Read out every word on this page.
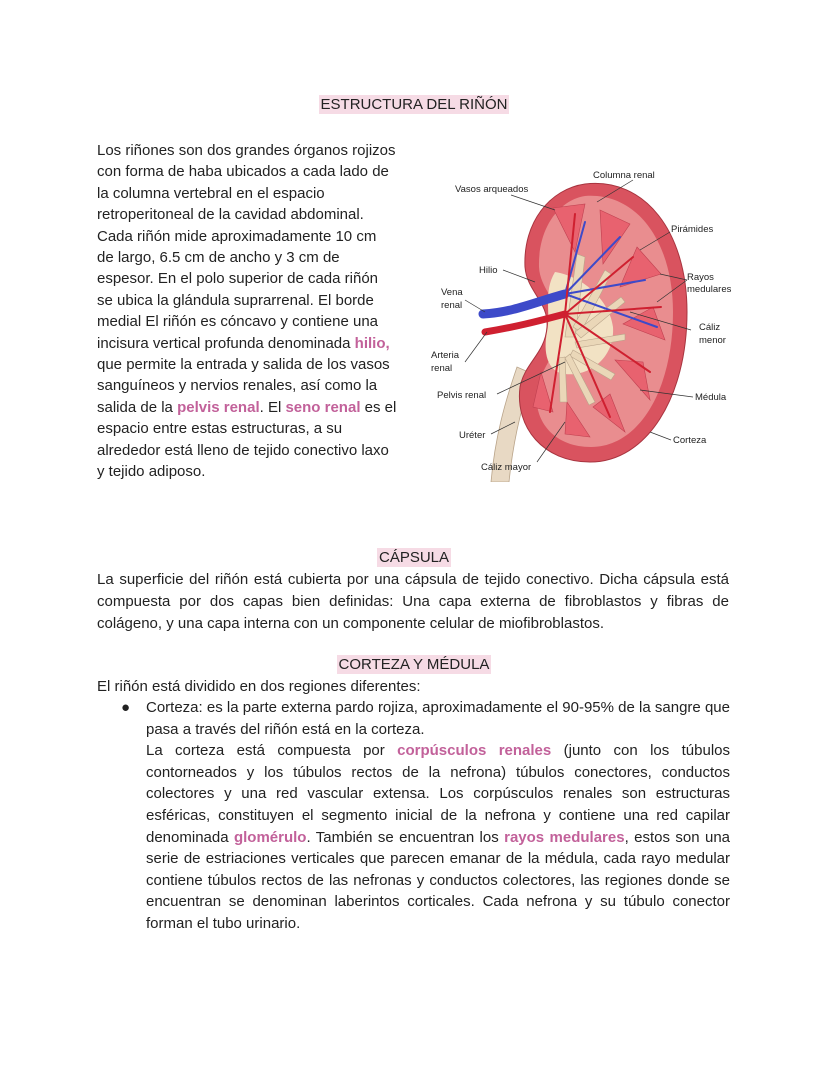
ESTRUCTURA DEL RIÑÓN
Los riñones son dos grandes órganos rojizos con forma de haba ubicados a cada lado de la columna vertebral en el espacio retroperitoneal de la cavidad abdominal. Cada riñón mide aproximadamente 10 cm de largo, 6.5 cm de ancho y 3 cm de espesor. En el polo superior de cada riñón se ubica la glándula suprarrenal. El borde medial El riñón es cóncavo y contiene una incisura vertical profunda denominada hilio, que permite la entrada y salida de los vasos sanguíneos y nervios renales, así como la salida de la pelvis renal. El seno renal es el espacio entre estas estructuras, a su alrededor está lleno de tejido conectivo laxo y tejido adiposo.
Columna renal
Vasos arqueados
Pirámides
Hilio
Rayos
medulares
Vena
renal
Cáliz
menor
Arteria
renal
Pelvis renal	Médula
Uréter	Corteza
Cáliz mayor
CÁPSULA
La superficie del riñón está cubierta por una cápsula de tejido conectivo. Dicha cápsula está compuesta por dos capas bien definidas: Una capa externa de fibroblastos y fibras de colágeno, y una capa interna con un componente celular de miofibroblastos.
CORTEZA Y MÉDULA
El riñón está dividido en dos regiones diferentes:
● Corteza: es la parte externa pardo rojiza, aproximadamente el 90-95% de la sangre que pasa a través del riñón está en la corteza.
La corteza está compuesta por corpúsculos renales (junto con los túbulos contorneados y los túbulos rectos de la nefrona) túbulos conectores, conductos colectores y una red vascular extensa. Los corpúsculos renales son estructuras esféricas, constituyen el segmento inicial de la nefrona y contiene una red capilar denominada glomérulo. También se encuentran los rayos medulares, estos son una serie de estriaciones verticales que parecen emanar de la médula, cada rayo medular contiene túbulos rectos de las nefronas y conductos colectores, las regiones donde se encuentran se denominan laberintos corticales. Cada nefrona y su túbulo conector forman el tubo urinario.
